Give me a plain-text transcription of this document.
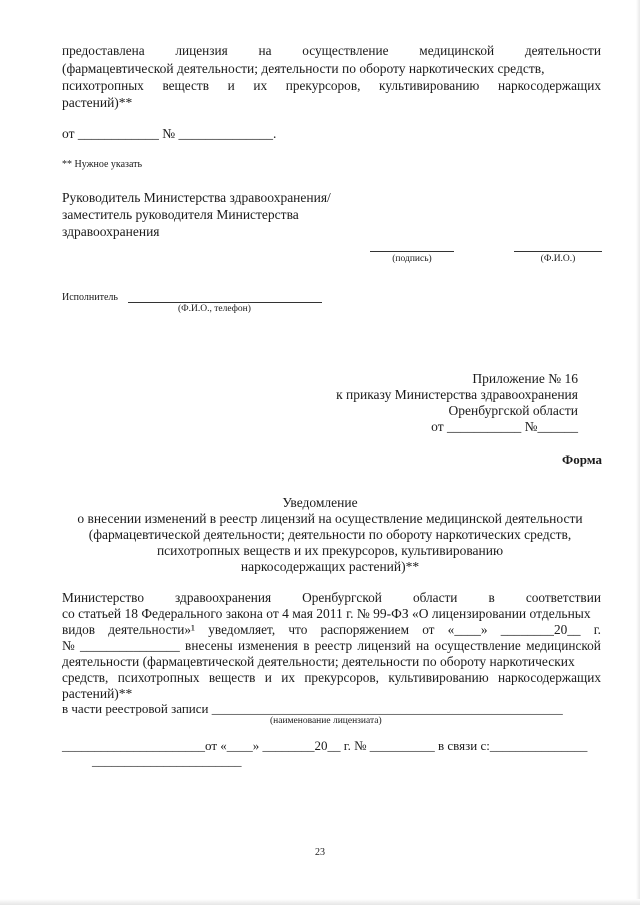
предоставлена лицензия на осуществление медицинской деятельности
(фармацевтической деятельности; деятельности по обороту наркотических средств,
психотропных веществ и их прекурсоров, культивированию наркосодержащих
растений)**
от ____________ № ______________.
** Нужное указать
Руководитель Министерства здравоохранения/
заместитель руководителя Министерства
здравоохранения
(подпись)	(Ф.И.О.)
Исполнитель
(Ф.И.О., телефон)
Приложение № 16
к приказу Министерства здравоохранения
Оренбургской области
от ___________ №______
Форма
Уведомление
о внесении изменений в реестр лицензий на осуществление медицинской деятельности
(фармацевтической деятельности; деятельности по обороту наркотических средств,
психотропных веществ и их прекурсоров, культивированию
наркосодержащих растений)**
Министерство здравоохранения Оренбургской области в соответствии
со статьей 18 Федерального закона от 4 мая 2011 г. № 99-ФЗ «О лицензировании отдельных
видов деятельности»¹ уведомляет, что распоряжением от «____» ________20__ г.
№ _______________ внесены изменения в реестр лицензий на осуществление медицинской
деятельности (фармацевтической деятельности; деятельности по обороту наркотических
средств, психотропных веществ и их прекурсоров, культивированию наркосодержащих
растений)**
в части реестровой записи ______________________________________________________
(наименование лицензиата)
______________________от «____» ________20__ г. № __________ в связи с:_______________
_______________________
23
